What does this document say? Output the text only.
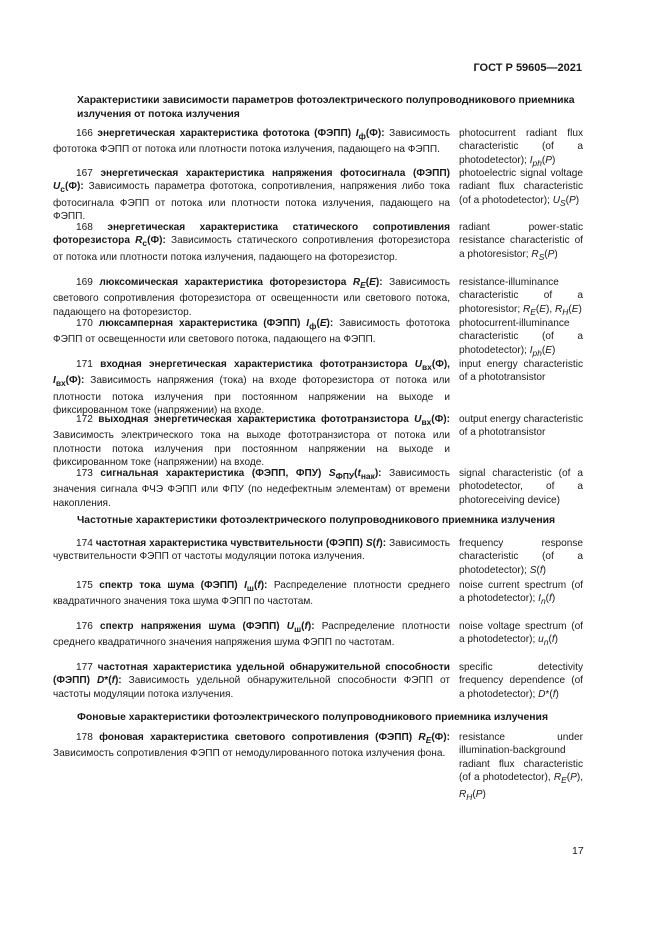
ГОСТ Р 59605—2021
Характеристики зависимости параметров фотоэлектрического полупроводникового приемника излучения от потока излучения
166 энергетическая характеристика фототока (ФЭПП) $I_ф(Ф)$: Зависимость фототока ФЭПП от потока или плотности потока излучения, падающего на ФЭПП.
photocurrent radiant flux characteristic (of a photodetector); $I_{ph}(P)$
167 энергетическая характеристика напряжения фотосигнала (ФЭПП) $U_c(Ф)$: Зависимость параметра фототока, сопротивления, напряжения либо тока фотосигнала ФЭПП от потока или плотности потока излучения, падающего на ФЭПП.
photoelectric signal voltage radiant flux characteristic (of a photodetector); $U_S(P)$
168 энергетическая характеристика статического сопротивления фоторезистора $R_c(Ф)$: Зависимость статического сопротивления фоторезистора от потока или плотности потока излучения, падающего на фоторезистор.
radiant power-static resistance characteristic of a photoresistor; $R_S(P)$
169 люксомическая характеристика фоторезистора $R_E(E)$: Зависимость светового сопротивления фоторезистора от освещенности или светового потока, падающего на фоторезистор.
resistance-illuminance characteristic of a photoresistor; $R_E(E)$, $R_H(E)$
170 люксамперная характеристика (ФЭПП) $I_ф(E)$: Зависимость фототока ФЭПП от освещенности или светового потока, падающего на ФЭПП.
photocurrent-illuminance characteristic (of a photodetector); $I_{ph}(E)$
171 входная энергетическая характеристика фототранзистора $U_{вх}(Ф)$, $I_{вх}(Ф)$: Зависимость напряжения (тока) на входе фоторезистора от потока или плотности потока излучения при постоянном напряжении на выходе и фиксированном токе (напряжении) на входе.
input energy characteristic of a phototransistor
172 выходная энергетическая характеристика фототранзистора $U_{вх}(Ф)$: Зависимость электрического тока на выходе фототранзистора от потока или плотности потока излучения при постоянном напряжении на выходе и фиксированном токе (напряжении) на входе.
output energy characteristic of a phototransistor
173 сигнальная характеристика (ФЭПП, ФПУ) $S_{ФПУ}(t_{нак})$: Зависимость значения сигнала ФЧЭ ФЭПП или ФПУ (по недефектным элементам) от времени накопления.
signal characteristic (of a photodetector, of a photoreceiving device)
Частотные характеристики фотоэлектрического полупроводникового приемника излучения
174 частотная характеристика чувствительности (ФЭПП) S(f): Зависимость чувствительности ФЭПП от частоты модуляции потока излучения.
frequency response characteristic (of a photodetector); S(f)
175 спектр тока шума (ФЭПП) $I_ш(f)$: Распределение плотности среднего квадратичного значения тока шума ФЭПП по частотам.
noise current spectrum (of a photodetector); $I_n(f)$
176 спектр напряжения шума (ФЭПП) $U_ш(f)$: Распределение плотности среднего квадратичного значения напряжения шума ФЭПП по частотам.
noise voltage spectrum (of a photodetector); $u_n(f)$
177 частотная характеристика удельной обнаружительной способности (ФЭПП) D*(f): Зависимость удельной обнаружительной способности ФЭПП от частоты модуляции потока излучения.
specific detectivity frequency dependence (of a photodetector); D*(f)
Фоновые характеристики фотоэлектрического полупроводникового приемника излучения
178 фоновая характеристика светового сопротивления (ФЭПП) $R_E(Ф)$: Зависимость сопротивления ФЭПП от немодулированного потока излучения фона.
resistance under illumination-background radiant flux characteristic (of a photodetector), $R_E(P)$, $R_H(P)$
17
